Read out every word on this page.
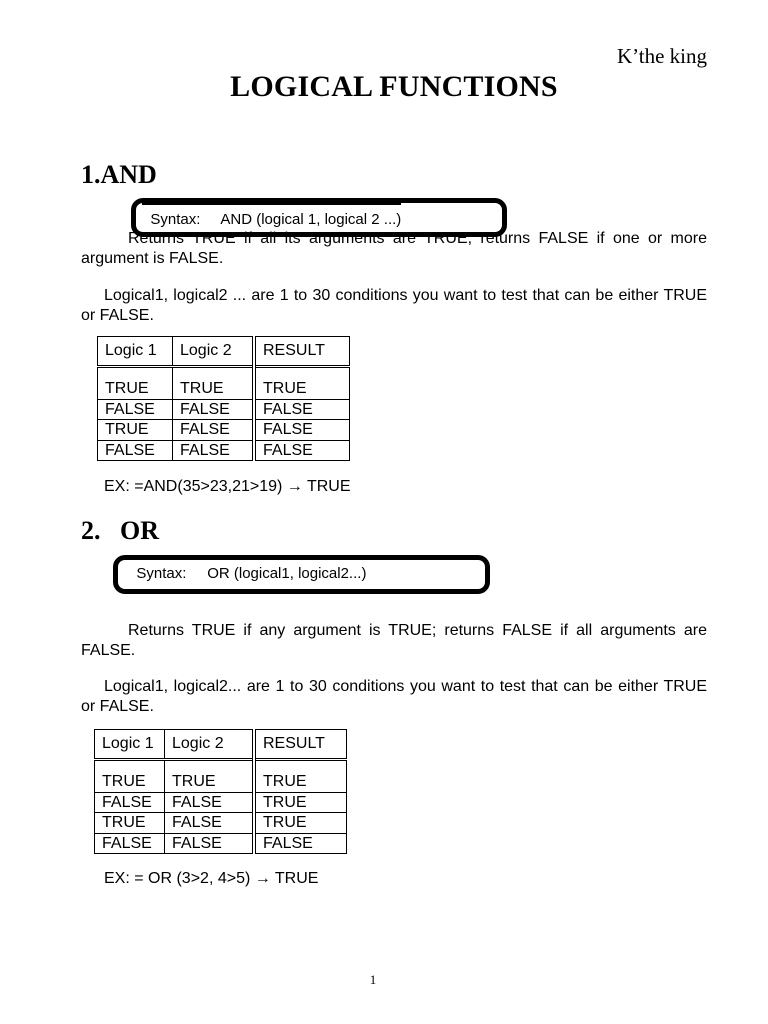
K’the king
LOGICAL FUNCTIONS
1.AND

Syntax:     AND (logical 1, logical 2 ...)

Returns TRUE if all its arguments are TRUE; returns FALSE if one or more argument is FALSE.
Logical1, logical2 ... are 1 to 30 conditions you want to test that can be either TRUE or FALSE.
Logic 1	Logic 2	RESULT

TRUE	TRUE	TRUE
FALSE	FALSE	FALSE
TRUE	FALSE	FALSE
FALSE	FALSE	FALSE
EX: =AND(35>23,21>19) → TRUE
2.   OR

Syntax:     OR (logical1, logical2...)

Returns TRUE if any argument is TRUE; returns FALSE if all arguments are FALSE.
Logical1, logical2... are 1 to 30 conditions you want to test that can be either TRUE or FALSE.
Logic 1	Logic 2	RESULT

TRUE	TRUE	TRUE
FALSE	FALSE	TRUE
TRUE	FALSE	TRUE
FALSE	FALSE	FALSE
EX: = OR (3>2, 4>5) → TRUE
1
